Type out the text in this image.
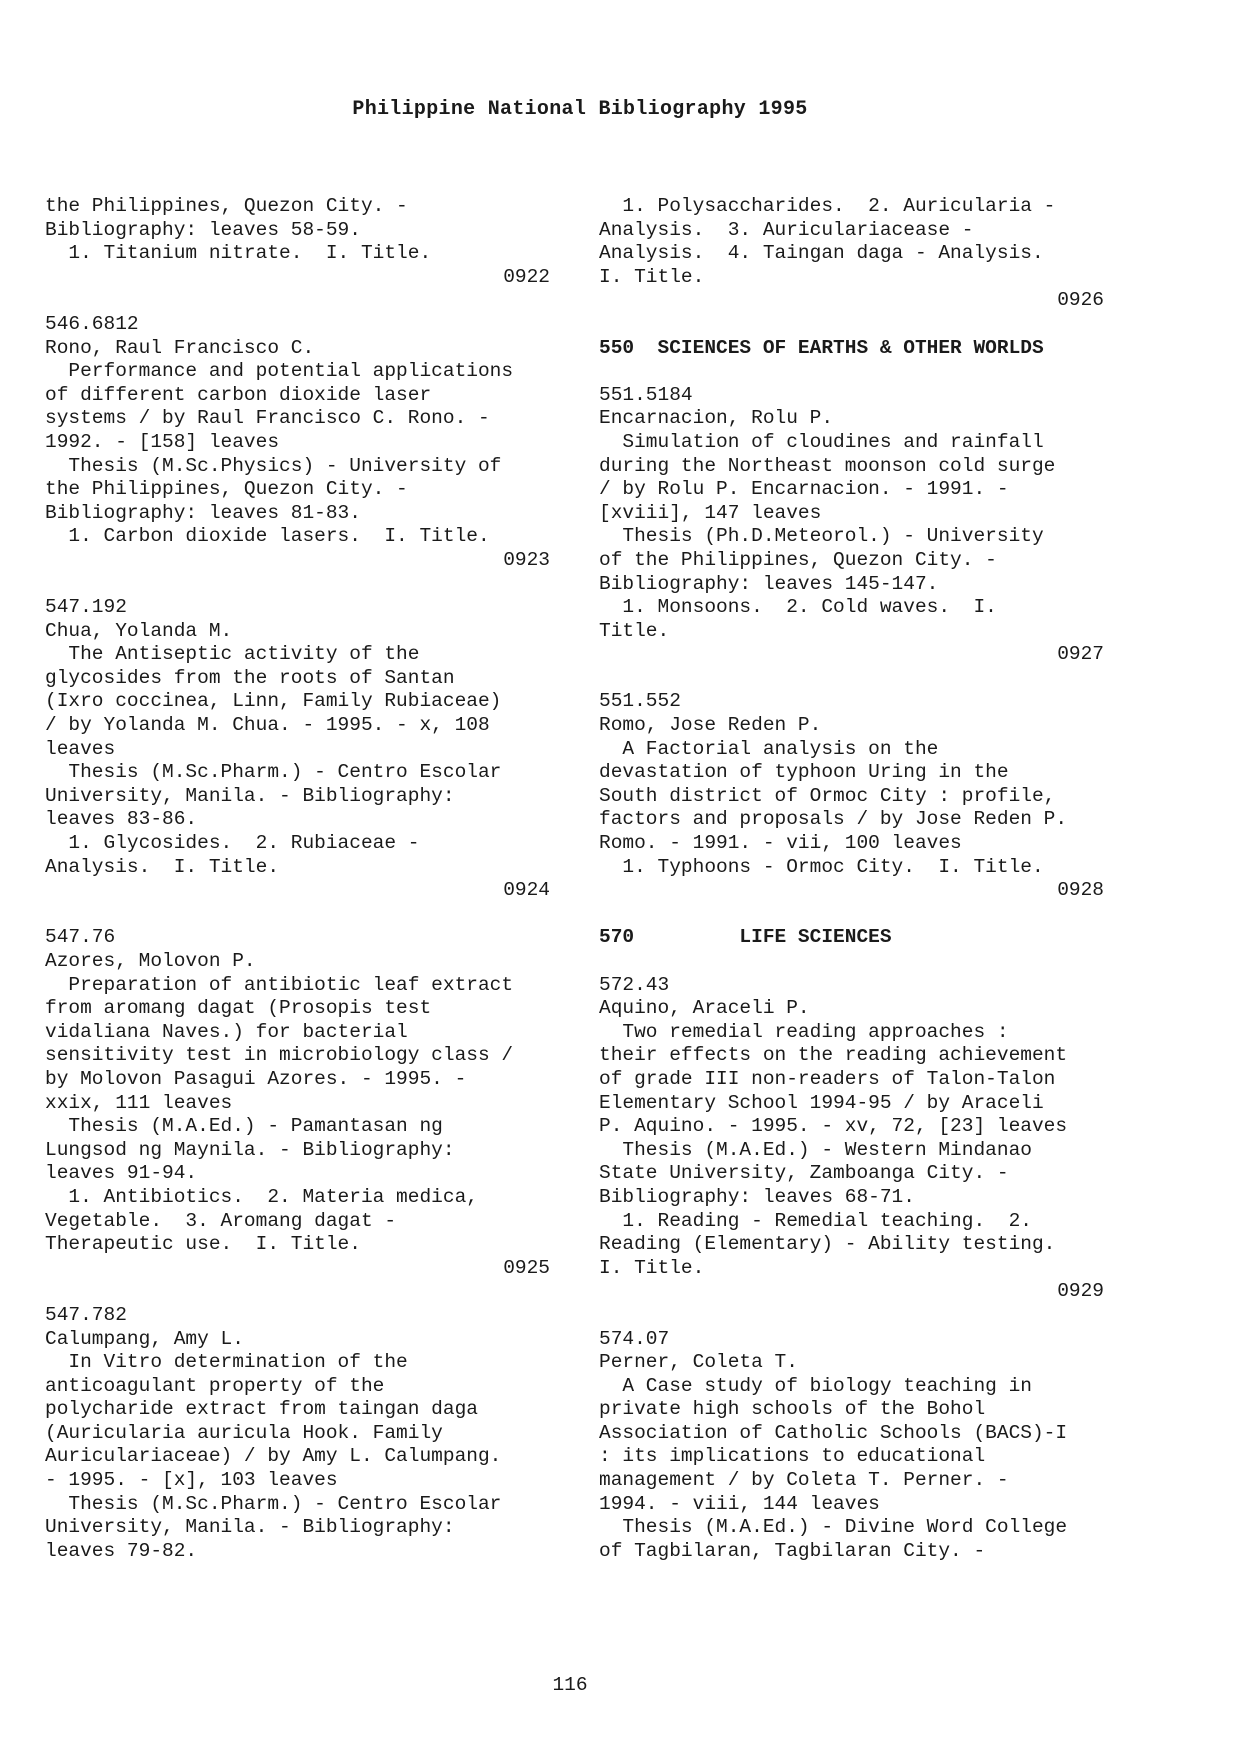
Philippine National Bibliography 1995
the Philippines, Quezon City. -
Bibliography: leaves 58-59.
1. Titanium nitrate.  I. Title.
0922
546.6812
Rono, Raul Francisco C.
Performance and potential applications
of different carbon dioxide laser
systems / by Raul Francisco C. Rono. -
1992. - [158] leaves
Thesis (M.Sc.Physics) - University of
the Philippines, Quezon City. -
Bibliography: leaves 81-83.
1. Carbon dioxide lasers.  I. Title.
0923
547.192
Chua, Yolanda M.
The Antiseptic activity of the
glycosides from the roots of Santan
(Ixro coccinea, Linn, Family Rubiaceae)
/ by Yolanda M. Chua. - 1995. - x, 108
leaves
Thesis (M.Sc.Pharm.) - Centro Escolar
University, Manila. - Bibliography:
leaves 83-86.
1. Glycosides.  2. Rubiaceae -
Analysis.  I. Title.
0924
547.76
Azores, Molovon P.
Preparation of antibiotic leaf extract
from aromang dagat (Prosopis test
vidaliana Naves.) for bacterial
sensitivity test in microbiology class /
by Molovon Pasagui Azores. - 1995. -
xxix, 111 leaves
Thesis (M.A.Ed.) - Pamantasan ng
Lungsod ng Maynila. - Bibliography:
leaves 91-94.
1. Antibiotics.  2. Materia medica,
Vegetable.  3. Aromang dagat -
Therapeutic use.  I. Title.
0925
547.782
Calumpang, Amy L.
In Vitro determination of the
anticoagulant property of the
polycharide extract from taingan daga
(Auricularia auricula Hook. Family
Auriculariaceae) / by Amy L. Calumpang.
- 1995. - [x], 103 leaves
Thesis (M.Sc.Pharm.) - Centro Escolar
University, Manila. - Bibliography:
leaves 79-82.
1. Polysaccharides.  2. Auricularia -
Analysis.  3. Auriculariacease -
Analysis.  4. Taingan daga - Analysis.
I. Title.
0926
550  SCIENCES OF EARTHS & OTHER WORLDS
551.5184
Encarnacion, Rolu P.
Simulation of cloudines and rainfall
during the Northeast moonson cold surge
/ by Rolu P. Encarnacion. - 1991. -
[xviii], 147 leaves
Thesis (Ph.D.Meteorol.) - University
of the Philippines, Quezon City. -
Bibliography: leaves 145-147.
1. Monsoons.  2. Cold waves.  I.
Title.
0927
551.552
Romo, Jose Reden P.
A Factorial analysis on the
devastation of typhoon Uring in the
South district of Ormoc City : profile,
factors and proposals / by Jose Reden P.
Romo. - 1991. - vii, 100 leaves
1. Typhoons - Ormoc City.  I. Title.
0928
570         LIFE SCIENCES
572.43
Aquino, Araceli P.
Two remedial reading approaches :
their effects on the reading achievement
of grade III non-readers of Talon-Talon
Elementary School 1994-95 / by Araceli
P. Aquino. - 1995. - xv, 72, [23] leaves
Thesis (M.A.Ed.) - Western Mindanao
State University, Zamboanga City. -
Bibliography: leaves 68-71.
1. Reading - Remedial teaching.  2.
Reading (Elementary) - Ability testing.
I. Title.
0929
574.07
Perner, Coleta T.
A Case study of biology teaching in
private high schools of the Bohol
Association of Catholic Schools (BACS)-I
: its implications to educational
management / by Coleta T. Perner. -
1994. - viii, 144 leaves
Thesis (M.A.Ed.) - Divine Word College
of Tagbilaran, Tagbilaran City. -
116
